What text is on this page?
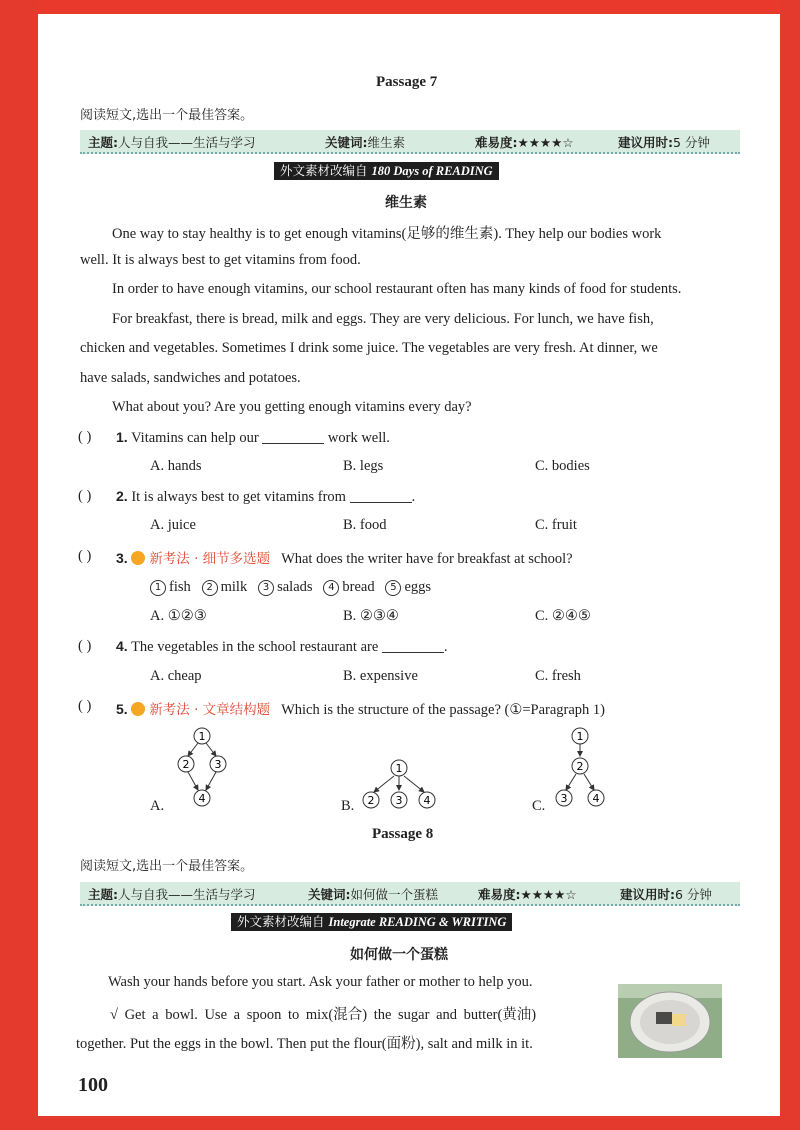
Passage 7
阅读短文,选出一个最佳答案。
主题:人与自我——生活与学习	关键词:维生素	难易度:★★★★☆	建议用时:5 分钟
外文素材改编自 180 Days of READING
维生素
One way to stay healthy is to get enough vitamins(足够的维生素). They help our bodies work
well. It is always best to get vitamins from food.
In order to have enough vitamins, our school restaurant often has many kinds of food for students.
For breakfast, there is bread, milk and eggs. They are very delicious. For lunch, we have fish,
chicken and vegetables. Sometimes I drink some juice. The vegetables are very fresh. At dinner, we
have salads, sandwiches and potatoes.
What about you? Are you getting enough vitamins every day?
( ) 1. Vitamins can help our	work well.
A. hands	B. legs	C. bodies
( ) 2. It is always best to get vitamins from	.
A. juice	B. food	C. fruit
( ) 3. 新考法 · 细节多选题 What does the writer have for breakfast at school?
1 fish 2 milk 3 salads 4 bread 5 eggs
A. ①②③	B. ②③④	C. ②④⑤
( ) 4. The vegetables in the school restaurant are	.
A. cheap	B. expensive	C. fresh
( ) 5. 新考法 · 文章结构题 Which is the structure of the passage? (①=Paragraph 1)
A.	B.	C.
1
2 3
4
1
2 3 4
1
2
3 4
Passage 8
阅读短文,选出一个最佳答案。
主题:人与自我——生活与学习	关键词:如何做一个蛋糕	难易度:★★★★☆	建议用时:6 分钟
外文素材改编自 Integrate READING & WRITING
如何做一个蛋糕
Wash your hands before you start. Ask your father or mother to help you.
√ Get a bowl. Use a spoon to mix(混合) the sugar and butter(黄油)
together. Put the eggs in the bowl. Then put the flour(面粉), salt and milk in it.
100
